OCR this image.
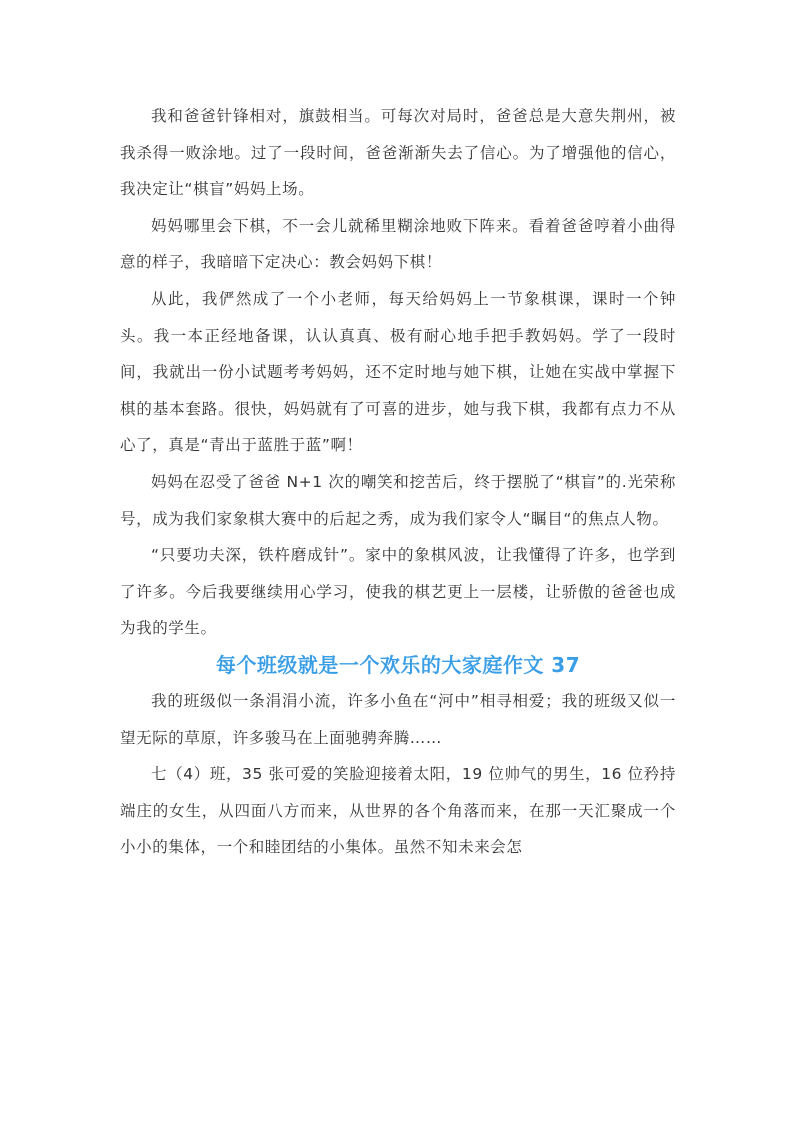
我和爸爸针锋相对，旗鼓相当。可每次对局时，爸爸总是大意失荆州，被我杀得一败涂地。过了一段时间，爸爸渐渐失去了信心。为了增强他的信心，我决定让“棋盲”妈妈上场。

妈妈哪里会下棋，不一会儿就稀里糊涂地败下阵来。看着爸爸哼着小曲得意的样子，我暗暗下定决心：教会妈妈下棋！

从此，我俨然成了一个小老师，每天给妈妈上一节象棋课，课时一个钟头。我一本正经地备课，认认真真、极有耐心地手把手教妈妈。学了一段时间，我就出一份小试题考考妈妈，还不定时地与她下棋，让她在实战中掌握下棋的基本套路。很快，妈妈就有了可喜的进步，她与我下棋，我都有点力不从心了，真是“青出于蓝胜于蓝”啊！

妈妈在忍受了爸爸 N+1 次的嘲笑和挖苦后，终于摆脱了“棋盲”的.光荣称号，成为我们家象棋大赛中的后起之秀，成为我们家令人“瞩目“的焦点人物。

“只要功夫深，铁杵磨成针”。家中的象棋风波，让我懂得了许多，也学到了许多。今后我要继续用心学习，使我的棋艺更上一层楼，让骄傲的爸爸也成为我的学生。

每个班级就是一个欢乐的大家庭作文 37

我的班级似一条涓涓小流，许多小鱼在“河中”相寻相爱；我的班级又似一望无际的草原，许多骏马在上面驰骋奔腾……

七（4）班，35 张可爱的笑脸迎接着太阳，19 位帅气的男生，16 位矜持端庄的女生，从四面八方而来，从世界的各个角落而来，在那一天汇聚成一个小小的集体，一个和睦团结的小集体。虽然不知未来会怎
